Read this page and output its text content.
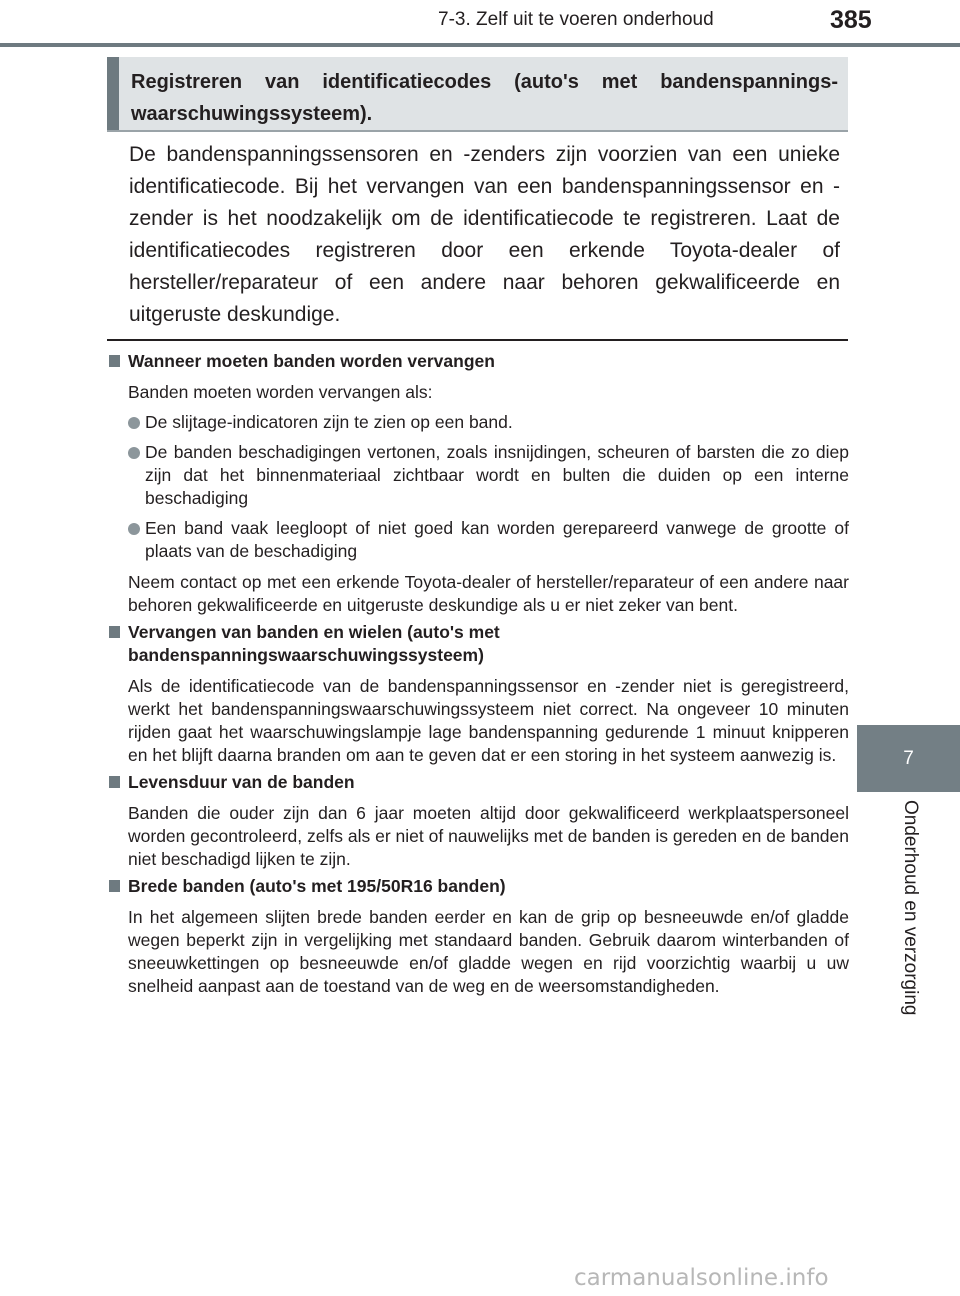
7-3. Zelf uit te voeren onderhoud	385
7
Onderhoud en verzorging
Registreren van identificatiecodes (auto's met bandenspannings-waarschuwingssysteem).
De bandenspanningssensoren en -zenders zijn voorzien van een unieke identificatiecode. Bij het vervangen van een bandenspanningssensor en -zender is het noodzakelijk om de identificatiecode te registreren. Laat de identificatiecodes registreren door een erkende Toyota-dealer of hersteller/reparateur of een andere naar behoren gekwalificeerde en uitgeruste deskundige.
Wanneer moeten banden worden vervangen
Banden moeten worden vervangen als:
De slijtage-indicatoren zijn te zien op een band.
De banden beschadigingen vertonen, zoals insnijdingen, scheuren of barsten die zo diep zijn dat het binnenmateriaal zichtbaar wordt en bulten die duiden op een interne beschadiging
Een band vaak leegloopt of niet goed kan worden gerepareerd vanwege de grootte of plaats van de beschadiging
Neem contact op met een erkende Toyota-dealer of hersteller/reparateur of een andere naar behoren gekwalificeerde en uitgeruste deskundige als u er niet zeker van bent.
Vervangen van banden en wielen (auto's met bandenspanningswaarschuwingssysteem)
Als de identificatiecode van de bandenspanningssensor en -zender niet is geregistreerd, werkt het bandenspanningswaarschuwingssysteem niet correct. Na ongeveer 10 minuten rijden gaat het waarschuwingslampje lage bandenspanning gedurende 1 minuut knipperen en het blijft daarna branden om aan te geven dat er een storing in het systeem aanwezig is.
Levensduur van de banden
Banden die ouder zijn dan 6 jaar moeten altijd door gekwalificeerd werkplaatspersoneel worden gecontroleerd, zelfs als er niet of nauwelijks met de banden is gereden en de banden niet beschadigd lijken te zijn.
Brede banden (auto's met 195/50R16 banden)
In het algemeen slijten brede banden eerder en kan de grip op besneeuwde en/of gladde wegen beperkt zijn in vergelijking met standaard banden. Gebruik daarom winterbanden of sneeuwkettingen op besneeuwde en/of gladde wegen en rijd voorzichtig waarbij u uw snelheid aanpast aan de toestand van de weg en de weersomstandigheden.
carmanualsonline.info
